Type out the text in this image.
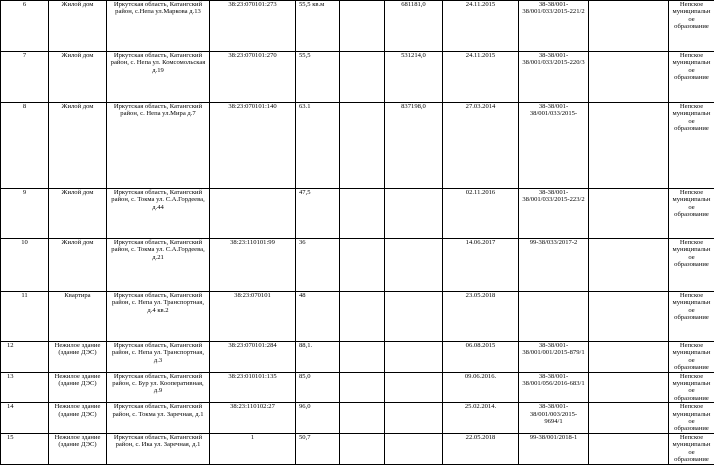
6	Жилой дом	Иркутская область, Катангский район, с.Непа ул.Маркова д.13	38:23:070101:273	55,5 кв.м		681181,0	24.11.2015	38-38/001-38/001/033/2015-221/2		Непское муниципальное образование
7	Жилой дом	Иркутская область, Катангский район, с. Непа ул. Комсомольская д.19	38:23:070101:270	55,5		531214,0	24.11.2015	38-38/001-38/001/033/2015-220/3		Непское муниципальное образование
8	Жилой дом	Иркутская область, Катангский район, с. Непа ул.Мира д.7	38:23:070101:140	63.1		837198,0	27.03.2014	38-38/001-38/001/033/2015-		Непское муниципальное образование
9	Жилой дом	Иркутская область, Катангский район, с. Токма ул. С.А.Гордеева, д.44		47,5			02.11.2016	38-38/001-38/001/033/2015-223/2		Непское муниципальное образование
10	Жилой дом	Иркутская область, Катангский район, с. Токма ул. С.А.Гордеева, д.21	38:23:110101:99	36			14.06.2017	99-38/033/2017-2		Непское муниципальное образование
11	Квартира	Иркутская область, Катангский район, с. Непа ул. Транспортная, д.4 кв.2	38:23:070101	48			23.05.2018			Непское муниципальное образование
12	Нежилое здание (здание ДЭС)	Иркутская область, Катангский район, с. Непа ул. Транспортная, д.3	38:23:070101:284	88,1.			06.08.2015	38-38/001-38/001/001/2015-879/1		Непское муниципальное образование
13	Нежилое здание (здание ДЭС)	Иркутская область, Катангский район, с. Бур ул. Кооперативная, д.9	38:23:010101:135	85,0			09.06.2016.	38-38/001-38/001/056/2016-683/1		Непское муниципальное образование
14	Нежилое здание (здание ДЭС)	Иркутская область, Катангский район, с. Токма ул. Заречная, д.1	38:23:110102:27	96,0			25.02.2014.	38-38/001-38/001/003/2015-9694/1		Непское муниципальное образование
15	Нежилое здание (здание ДЭС)	Иркутская область, Катангский район, с. Ика ул. Заречная, д.1	1	50,7			22.05.2018	99-38/001/2018-1		Непское муниципальное образование
